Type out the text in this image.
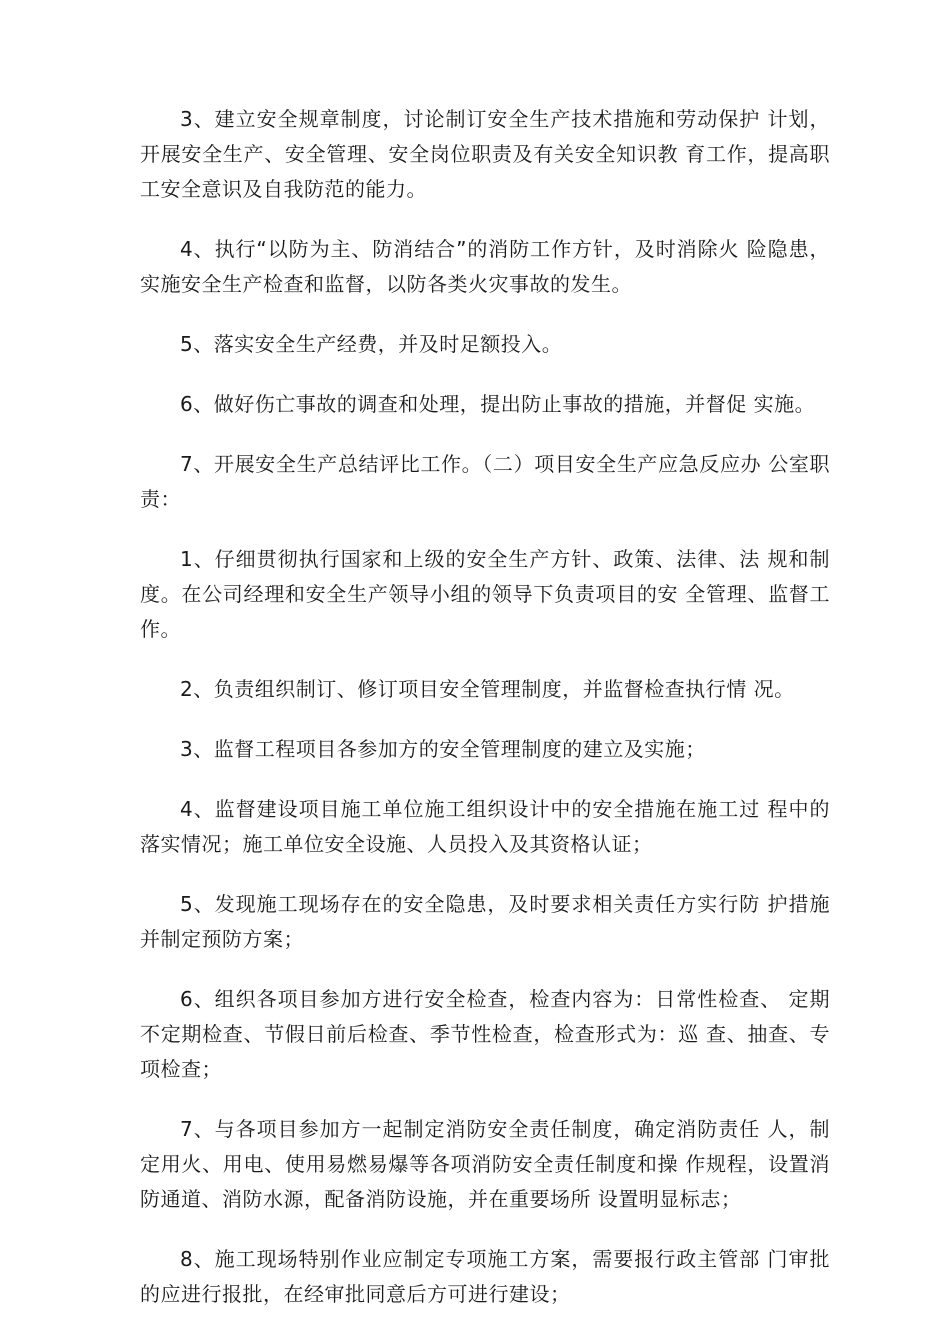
3、建立安全规章制度，讨论制订安全生产技术措施和劳动保护 计划，开展安全生产、安全管理、安全岗位职责及有关安全知识教 育工作，提高职工安全意识及自我防范的能力。

4、执行“以防为主、防消结合”的消防工作方针，及时消除火 险隐患，实施安全生产检查和监督，以防各类火灾事故的发生。

5、落实安全生产经费，并及时足额投入。

6、做好伤亡事故的调查和处理，提出防止事故的措施，并督促 实施。

7、开展安全生产总结评比工作。（二）项目安全生产应急反应办 公室职责：

1、仔细贯彻执行国家和上级的安全生产方针、政策、法律、法 规和制度。在公司经理和安全生产领导小组的领导下负责项目的安 全管理、监督工作。

2、负责组织制订、修订项目安全管理制度，并监督检查执行情 况。

3、监督工程项目各参加方的安全管理制度的建立及实施；

4、监督建设项目施工单位施工组织设计中的安全措施在施工过 程中的落实情况；施工单位安全设施、人员投入及其资格认证；

5、发现施工现场存在的安全隐患，及时要求相关责任方实行防 护措施并制定预防方案；

6、组织各项目参加方进行安全检查，检查内容为：日常性检查、 定期不定期检查、节假日前后检查、季节性检查，检查形式为：巡 查、抽查、专项检查；

7、与各项目参加方一起制定消防安全责任制度，确定消防责任 人，制定用火、用电、使用易燃易爆等各项消防安全责任制度和操 作规程，设置消防通道、消防水源，配备消防设施，并在重要场所 设置明显标志；

8、施工现场特别作业应制定专项施工方案，需要报行政主管部 门审批的应进行报批，在经审批同意后方可进行建设；
